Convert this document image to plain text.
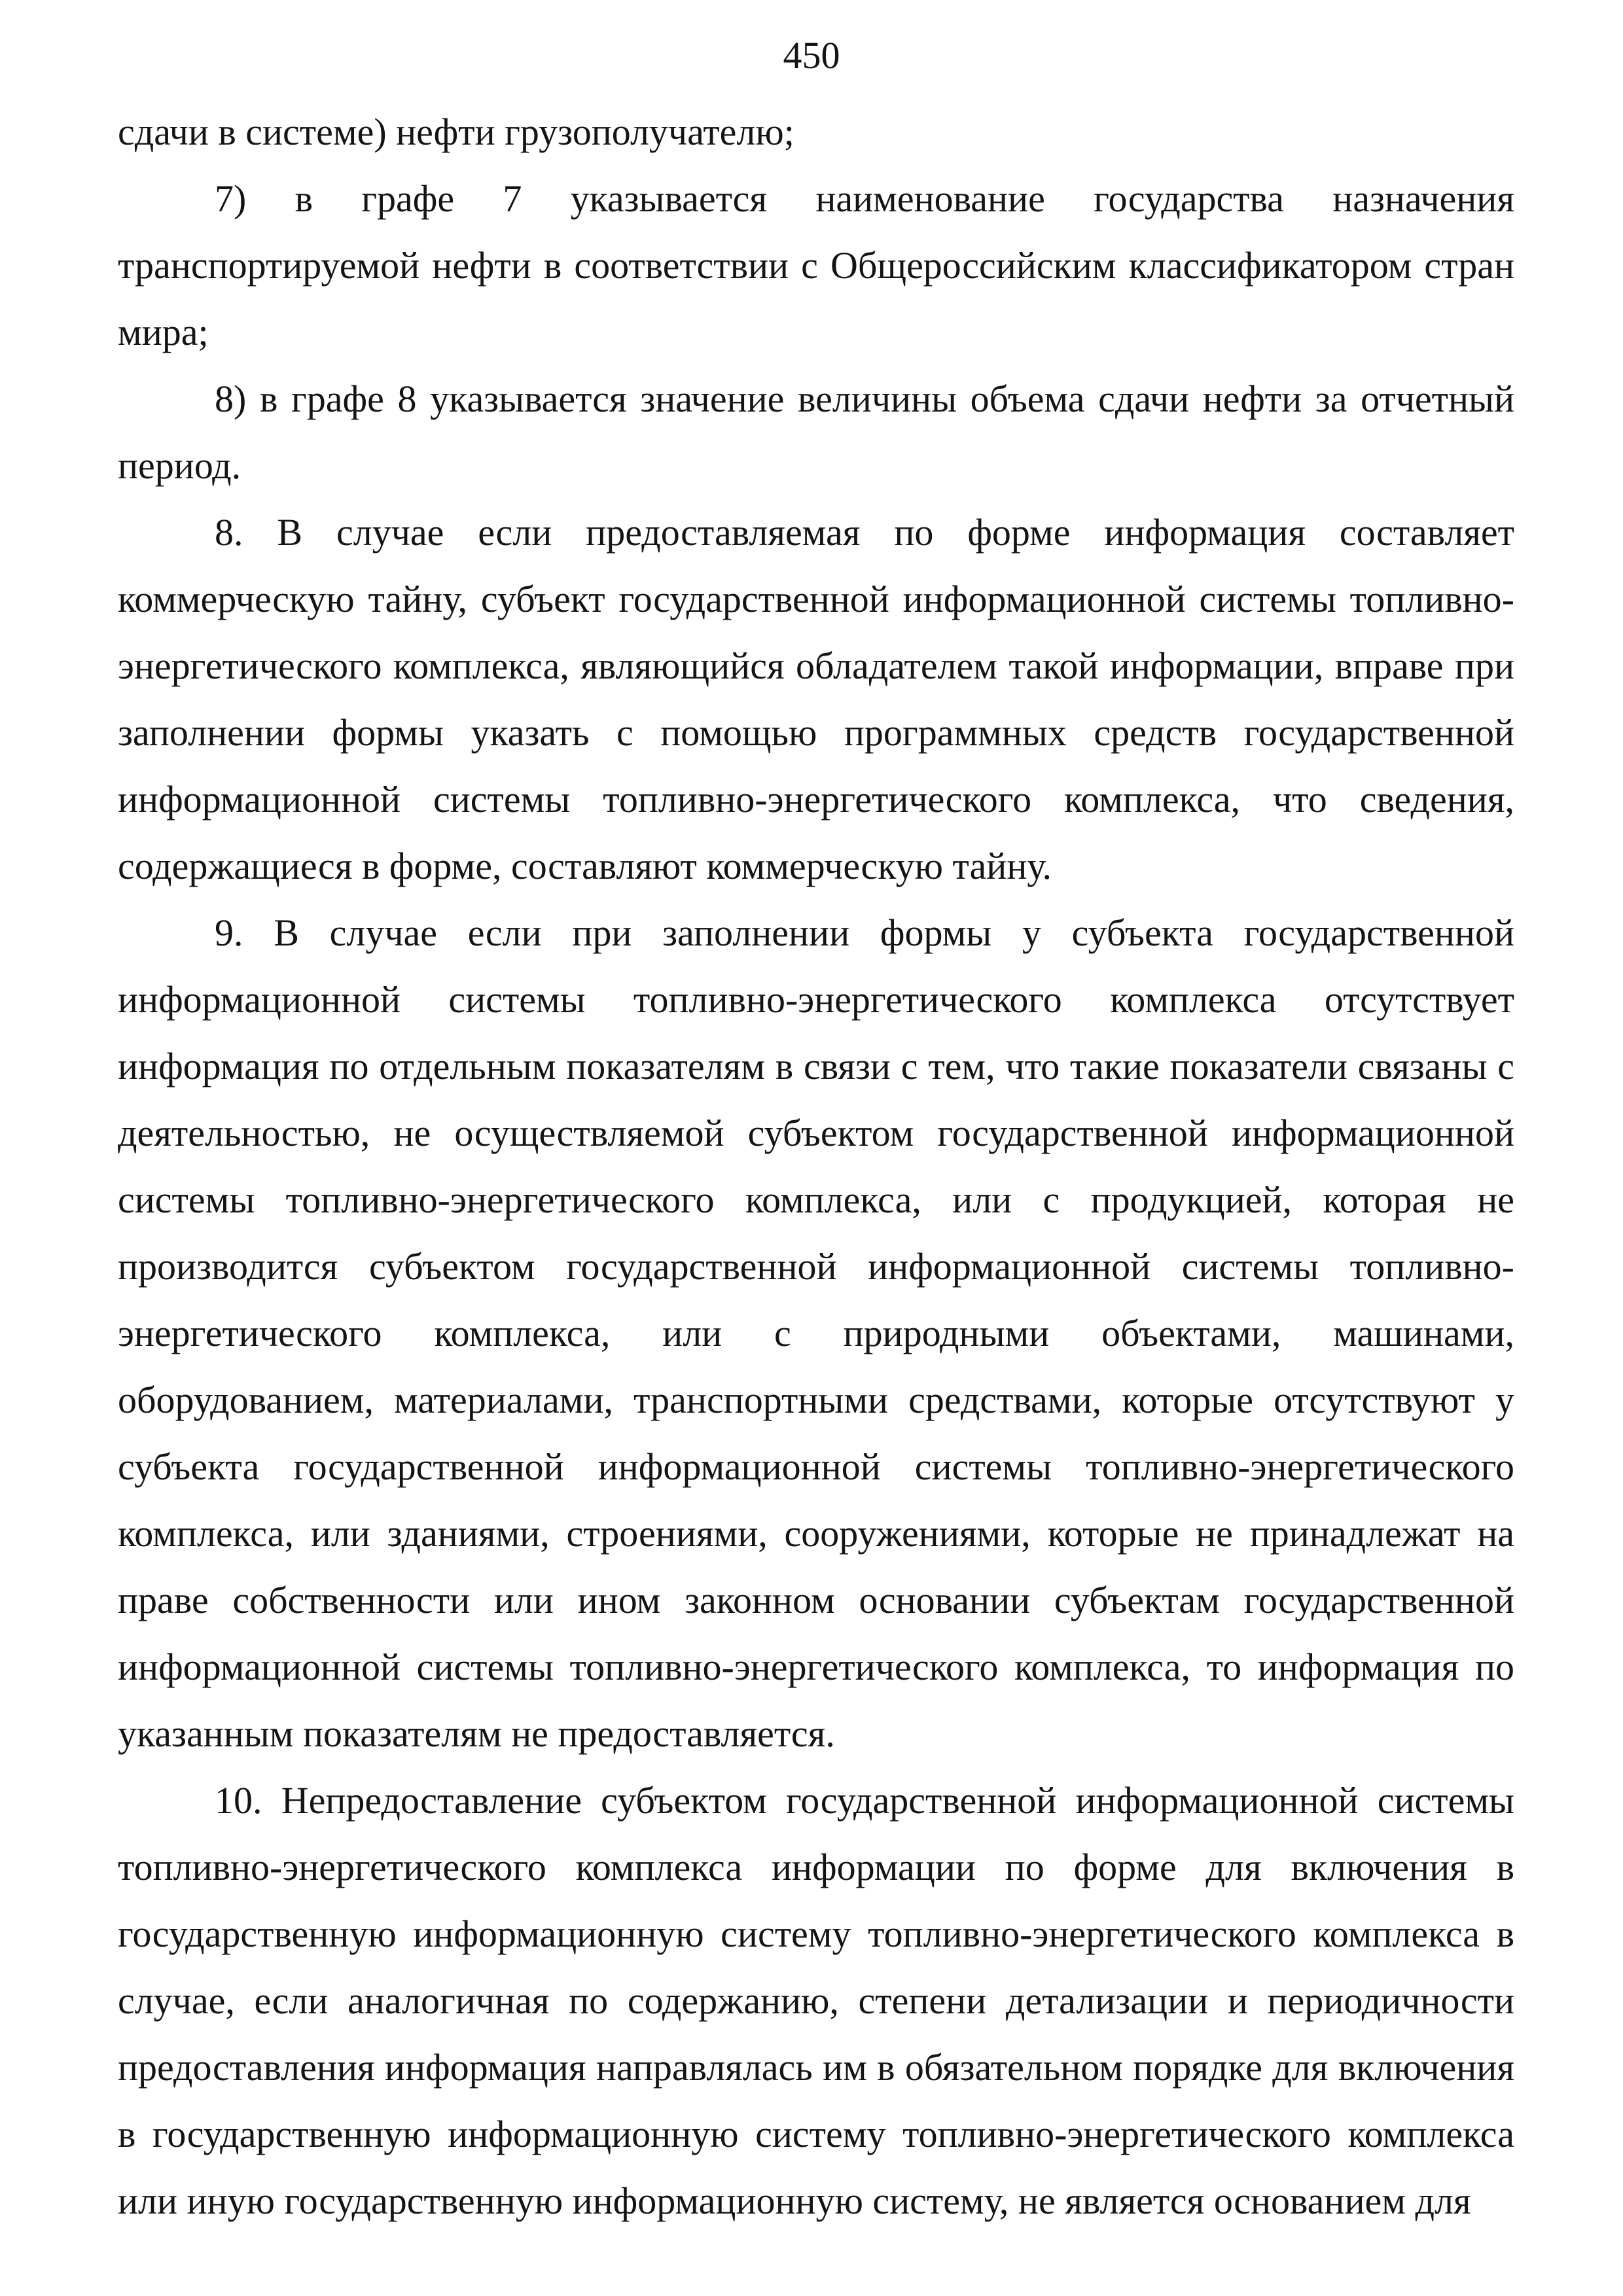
450

сдачи в системе) нефти грузополучателю;

7) в графе 7 указывается наименование государства назначения транспортируемой нефти в соответствии с Общероссийским классификатором стран мира;

8) в графе 8 указывается значение величины объема сдачи нефти за отчетный период.

8. В случае если предоставляемая по форме информация составляет коммерческую тайну, субъект государственной информационной системы топливно-энергетического комплекса, являющийся обладателем такой информации, вправе при заполнении формы указать с помощью программных средств государственной информационной системы топливно-энергетического комплекса, что сведения, содержащиеся в форме, составляют коммерческую тайну.

9. В случае если при заполнении формы у субъекта государственной информационной системы топливно-энергетического комплекса отсутствует информация по отдельным показателям в связи с тем, что такие показатели связаны с деятельностью, не осуществляемой субъектом государственной информационной системы топливно-энергетического комплекса, или с продукцией, которая не производится субъектом государственной информационной системы топливно-энергетического комплекса, или с природными объектами, машинами, оборудованием, материалами, транспортными средствами, которые отсутствуют у субъекта государственной информационной системы топливно-энергетического комплекса, или зданиями, строениями, сооружениями, которые не принадлежат на праве собственности или ином законном основании субъектам государственной информационной системы топливно-энергетического комплекса, то информация по указанным показателям не предоставляется.

10. Непредоставление субъектом государственной информационной системы топливно-энергетического комплекса информации по форме для включения в государственную информационную систему топливно-энергетического комплекса в случае, если аналогичная по содержанию, степени детализации и периодичности предоставления информация направлялась им в обязательном порядке для включения в государственную информационную систему топливно-энергетического комплекса или иную государственную информационную систему, не является основанием для
